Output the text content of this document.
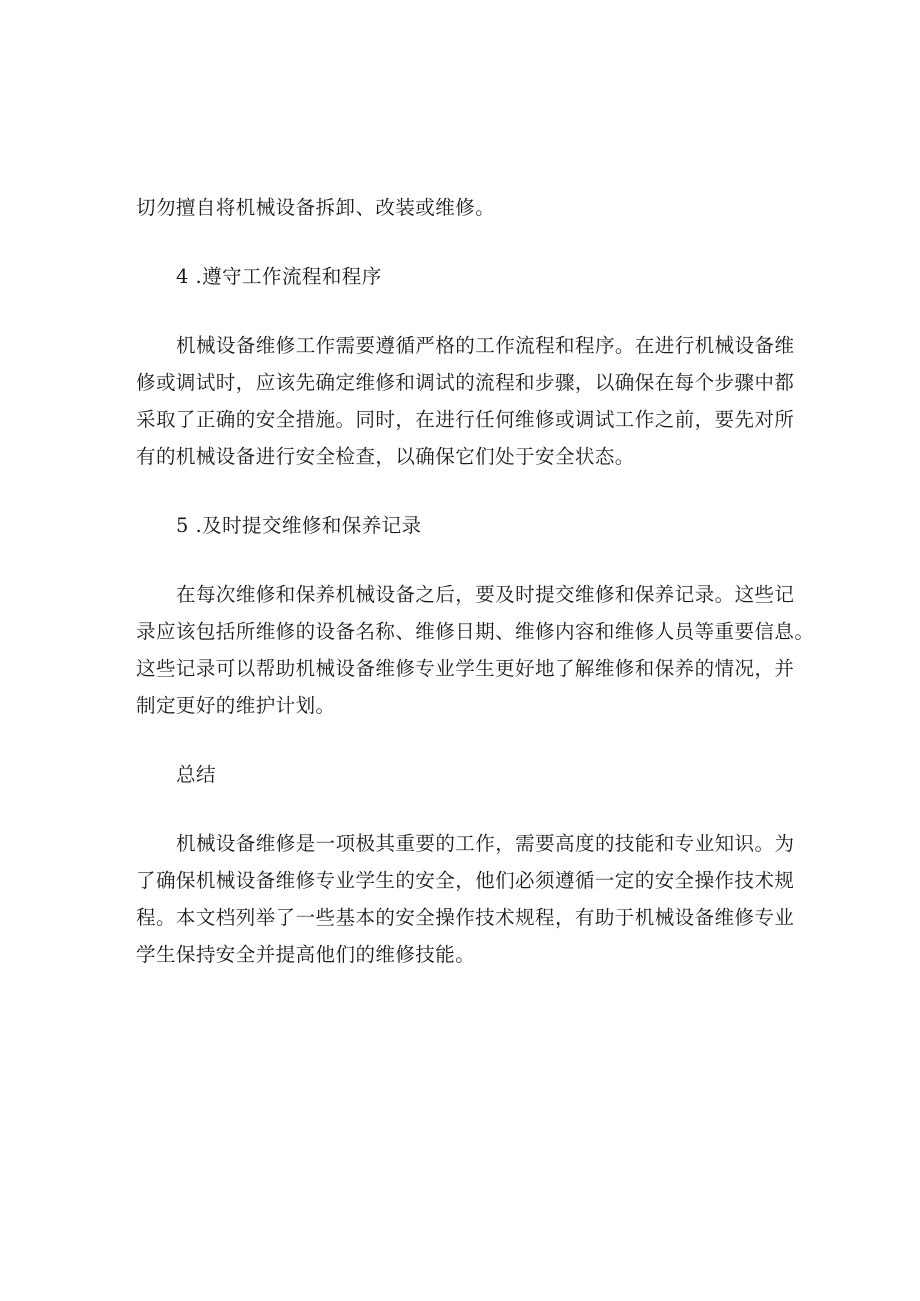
切勿擅自将机械设备拆卸、改装或维修。
4 .遵守工作流程和程序
机械设备维修工作需要遵循严格的工作流程和程序。在进行机械设备维
修或调试时，应该先确定维修和调试的流程和步骤，以确保在每个步骤中都
采取了正确的安全措施。同时，在进行任何维修或调试工作之前，要先对所
有的机械设备进行安全检查，以确保它们处于安全状态。
5 .及时提交维修和保养记录
在每次维修和保养机械设备之后，要及时提交维修和保养记录。这些记
录应该包括所维修的设备名称、维修日期、维修内容和维修人员等重要信息。
这些记录可以帮助机械设备维修专业学生更好地了解维修和保养的情况，并
制定更好的维护计划。
总结
机械设备维修是一项极其重要的工作，需要高度的技能和专业知识。为
了确保机械设备维修专业学生的安全，他们必须遵循一定的安全操作技术规
程。本文档列举了一些基本的安全操作技术规程，有助于机械设备维修专业
学生保持安全并提高他们的维修技能。
